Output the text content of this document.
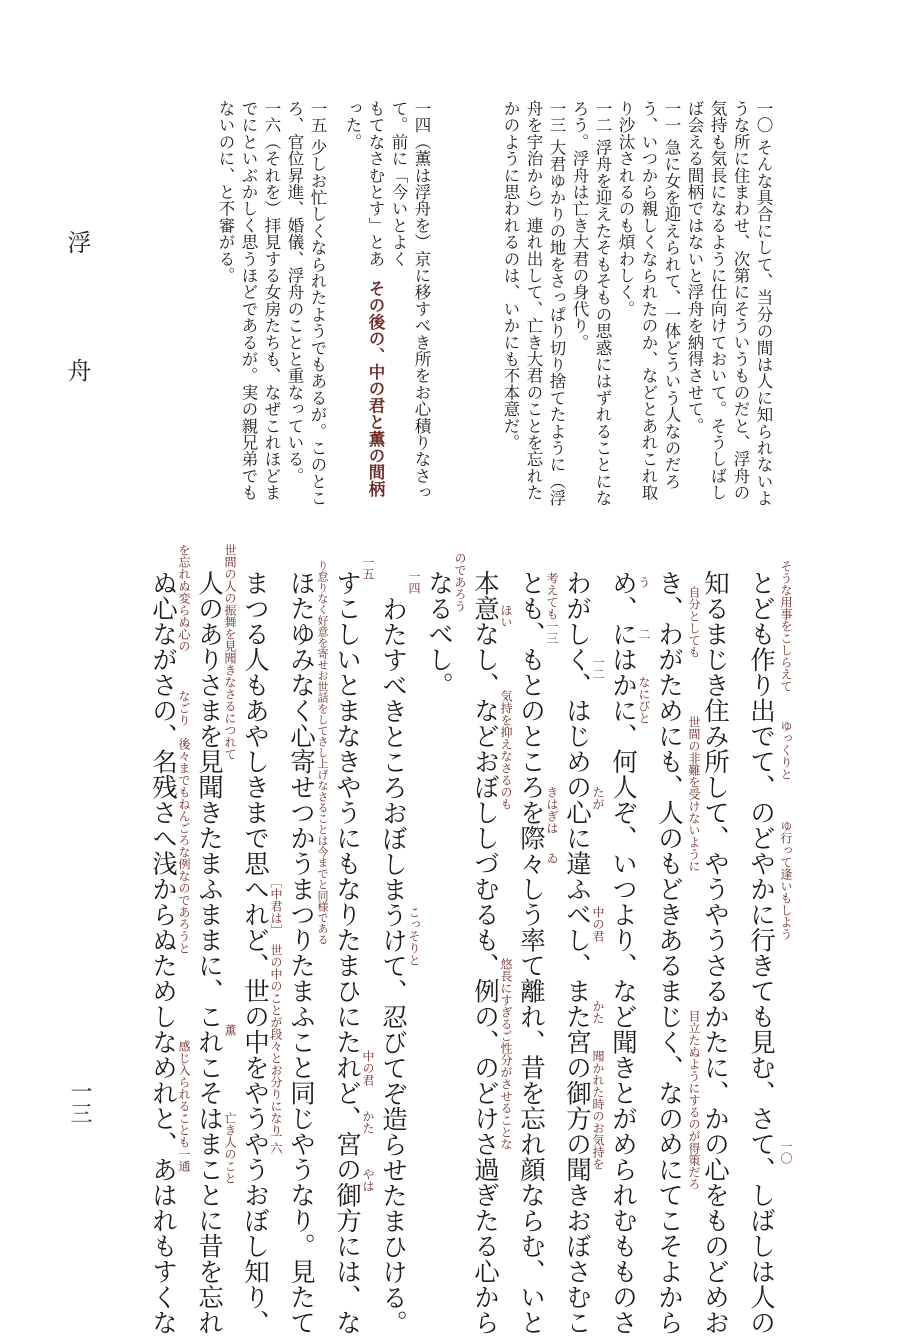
浮　舟
一三
一〇 そんな具合にして、当分の間は人に知られないよ
うな所に住まわせ、次第にそういうものだと、浮舟の
気持も気長になるように仕向けておいて。そうしばし
ば会える間柄ではないと浮舟を納得させて。
一一 急に女を迎えられて、一体どういう人なのだろ
う、いつから親しくなられたのか、などとあれこれ取
り沙汰されるのも煩わしく。
一二 浮舟を迎えたそもそもの思惑にはずれることにな
ろう。浮舟は亡き大君の身代り。
一三 大君ゆかりの地をさっぱり切り捨てたように（浮
舟を宇治から）連れ出して、亡き大君のことを忘れた
かのように思われるのは、いかにも不本意だ。
一四（薫は浮舟を）京に移すべき所をお心積りなさっ
て。前に「今いとよく
もてなさむとす」とあ
った。
その後の、中の君と薫の間柄
一五 少しお忙しくなられたようでもあるが。このとこ
ろ、官位昇進、婚儀、浮舟のことと重なっている。
一六（それを）拝見する女房たちも、なぜこれほどま
でにといぶかしく思うほどであるが。実の親兄弟でも
ないのに、と不審がる。
とども作り出でて、のどやかに行きても見む、さて、しばしは人の
知るまじき住み所して、やうやうさるかたに、かの心をものどめお
き、わがためにも、人のもどきあるまじく、なのめにてこそよから
め、にはかに、何人ぞ、いつより、など聞きとがめられむもものさ
わがしく、はじめの心に違ふべし、また宮の御方の聞きおぼさむこ
とも、もとのところを際々しう率て離れ、昔を忘れ顔ならむ、いと
本意なし、などおぼししづむるも、例の、のどけさ過ぎたる心から
なるべし。
わたすべきところおぼしまうけて、忍びてぞ造らせたまひける。
すこしいとまなきやうにもなりたまひにたれど、宮の御方には、な
ほたゆみなく心寄せつかうまつりたまふこと同じやうなり。見たて
まつる人もあやしきまで思へれど、世の中をやうやうおぼし知り、
人のありさまを見聞きたまふままに、これこそはまことに昔を忘れ
ぬ心ながさの、名残さへ浅からぬためしなめれと、あはれもすくな	そうな用事をこしらえて
ゆっくりと
ゆ行って逢いもしよう
一〇
自分としても
世間の非難を受けないように
目立たぬようにするのが得策だろ
う
二
なにびと
一二
たが
中の君
かた
聞かれた時のお気持を
考えても
一三
きはぎは
ゐ
ほい
気持を抑えなさるのも
悠長にすぎるご性分がさせることな
のであろう
一四
こっそりと
一五
り怠りなく好意を寄せお世話をしてさし上げなさることは今までと同様である
中の君
かた
やは
一六
［中君は］
世の中のことが段々とお分りになり
世間の人の振舞を見聞きなさるにつれて
薫
亡き人のこと
を忘れぬ変らぬ心の
なごり
後々までもねんごろな例なのであろうと
感じ入られることも一通
